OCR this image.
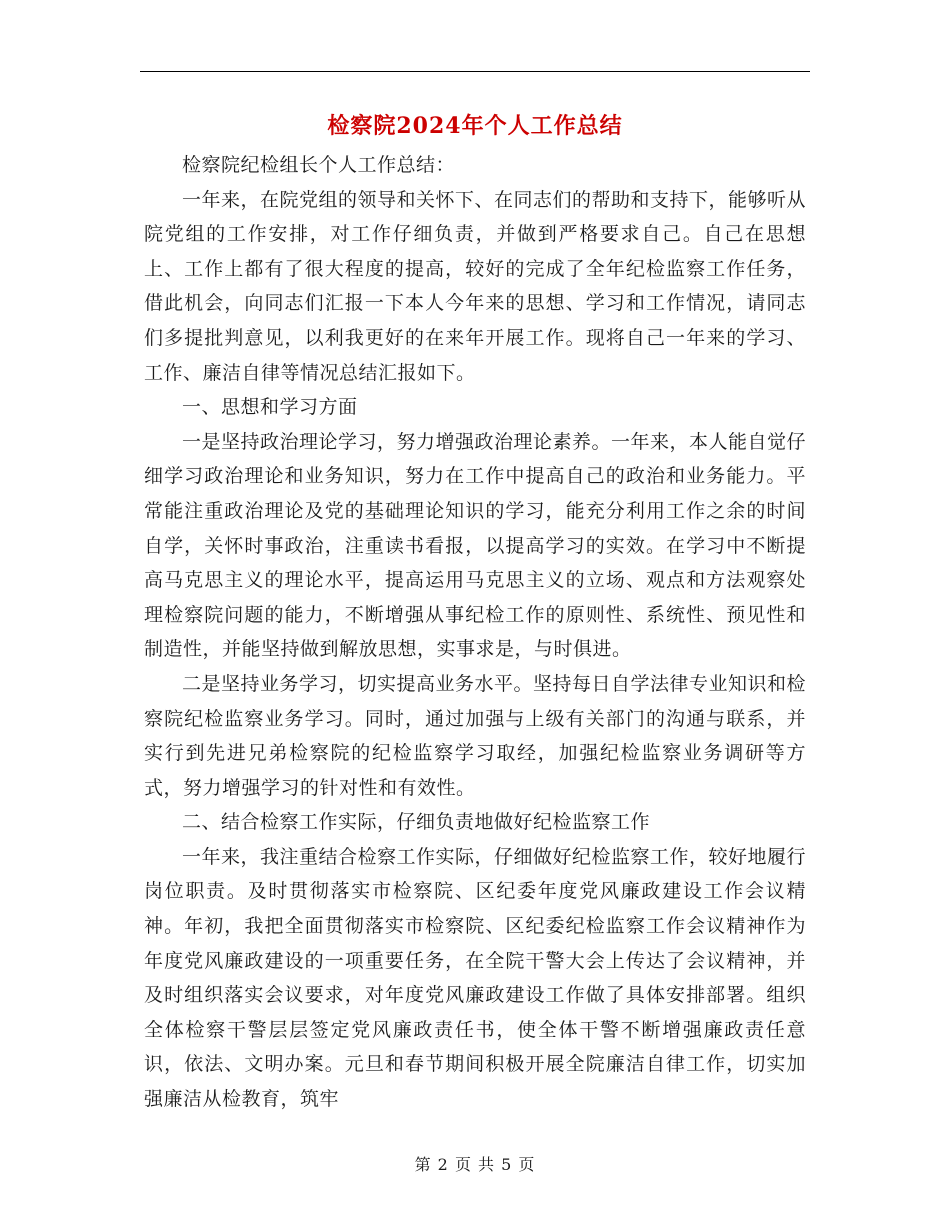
检察院2024年个人工作总结

检察院纪检组长个人工作总结：

一年来，在院党组的领导和关怀下、在同志们的帮助和支持下，能够听从院党组的工作安排，对工作仔细负责，并做到严格要求自己。自己在思想上、工作上都有了很大程度的提高，较好的完成了全年纪检监察工作任务，借此机会，向同志们汇报一下本人今年来的思想、学习和工作情况，请同志们多提批判意见，以利我更好的在来年开展工作。现将自己一年来的学习、工作、廉洁自律等情况总结汇报如下。

一、思想和学习方面

一是坚持政治理论学习，努力增强政治理论素养。一年来，本人能自觉仔细学习政治理论和业务知识，努力在工作中提高自己的政治和业务能力。平常能注重政治理论及党的基础理论知识的学习，能充分利用工作之余的时间自学，关怀时事政治，注重读书看报，以提高学习的实效。在学习中不断提高马克思主义的理论水平，提高运用马克思主义的立场、观点和方法观察处理检察院问题的能力，不断增强从事纪检工作的原则性、系统性、预见性和制造性，并能坚持做到解放思想，实事求是，与时俱进。

二是坚持业务学习，切实提高业务水平。坚持每日自学法律专业知识和检察院纪检监察业务学习。同时，通过加强与上级有关部门的沟通与联系，并实行到先进兄弟检察院的纪检监察学习取经，加强纪检监察业务调研等方式，努力增强学习的针对性和有效性。

二、结合检察工作实际，仔细负责地做好纪检监察工作

一年来，我注重结合检察工作实际，仔细做好纪检监察工作，较好地履行岗位职责。及时贯彻落实市检察院、区纪委年度党风廉政建设工作会议精神。年初，我把全面贯彻落实市检察院、区纪委纪检监察工作会议精神作为年度党风廉政建设的一项重要任务，在全院干警大会上传达了会议精神，并及时组织落实会议要求，对年度党风廉政建设工作做了具体安排部署。组织全体检察干警层层签定党风廉政责任书，使全体干警不断增强廉政责任意识，依法、文明办案。元旦和春节期间积极开展全院廉洁自律工作，切实加强廉洁从检教育，筑牢

第 2 页 共 5 页
